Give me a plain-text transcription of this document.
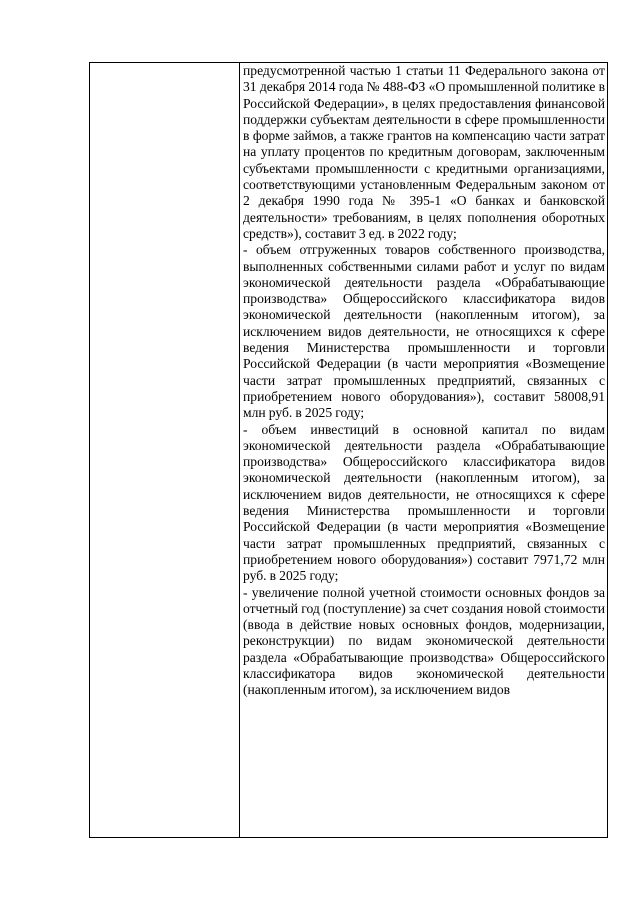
предусмотренной частью 1 статьи 11 Федерального закона от 31 декабря 2014 года № 488-ФЗ «О промышленной политике в Российской Федерации», в целях предоставления финансовой поддержки субъектам деятельности в сфере промышленности в форме займов, а также грантов на компенсацию части затрат на уплату процентов по кредитным договорам, заключенным субъектами промышленности с кредитными организациями, соответствующими установленным Федеральным законом от 2 декабря 1990 года № 395-1 «О банках и банковской деятельности» требованиям, в целях пополнения оборотных средств»), составит 3 ед. в 2022 году;

- объем отгруженных товаров собственного производства, выполненных собственными силами работ и услуг по видам экономической деятельности раздела «Обрабатывающие производства» Общероссийского классификатора видов экономической деятельности (накопленным итогом), за исключением видов деятельности, не относящихся к сфере ведения Министерства промышленности и торговли Российской Федерации (в части мероприятия «Возмещение части затрат промышленных предприятий, связанных с приобретением нового оборудования»), составит 58008,91 млн руб. в 2025 году;

- объем инвестиций в основной капитал по видам экономической деятельности раздела «Обрабатывающие производства» Общероссийского классификатора видов экономической деятельности (накопленным итогом), за исключением видов деятельности, не относящихся к сфере ведения Министерства промышленности и торговли Российской Федерации (в части мероприятия «Возмещение части затрат промышленных предприятий, связанных с приобретением нового оборудования») составит 7971,72 млн руб. в 2025 году;

- увеличение полной учетной стоимости основных фондов за отчетный год (поступление) за счет создания новой стоимости (ввода в действие новых основных фондов, модернизации, реконструкции) по видам экономической деятельности раздела «Обрабатывающие производства» Общероссийского классификатора видов экономической деятельности (накопленным итогом), за исключением видов
